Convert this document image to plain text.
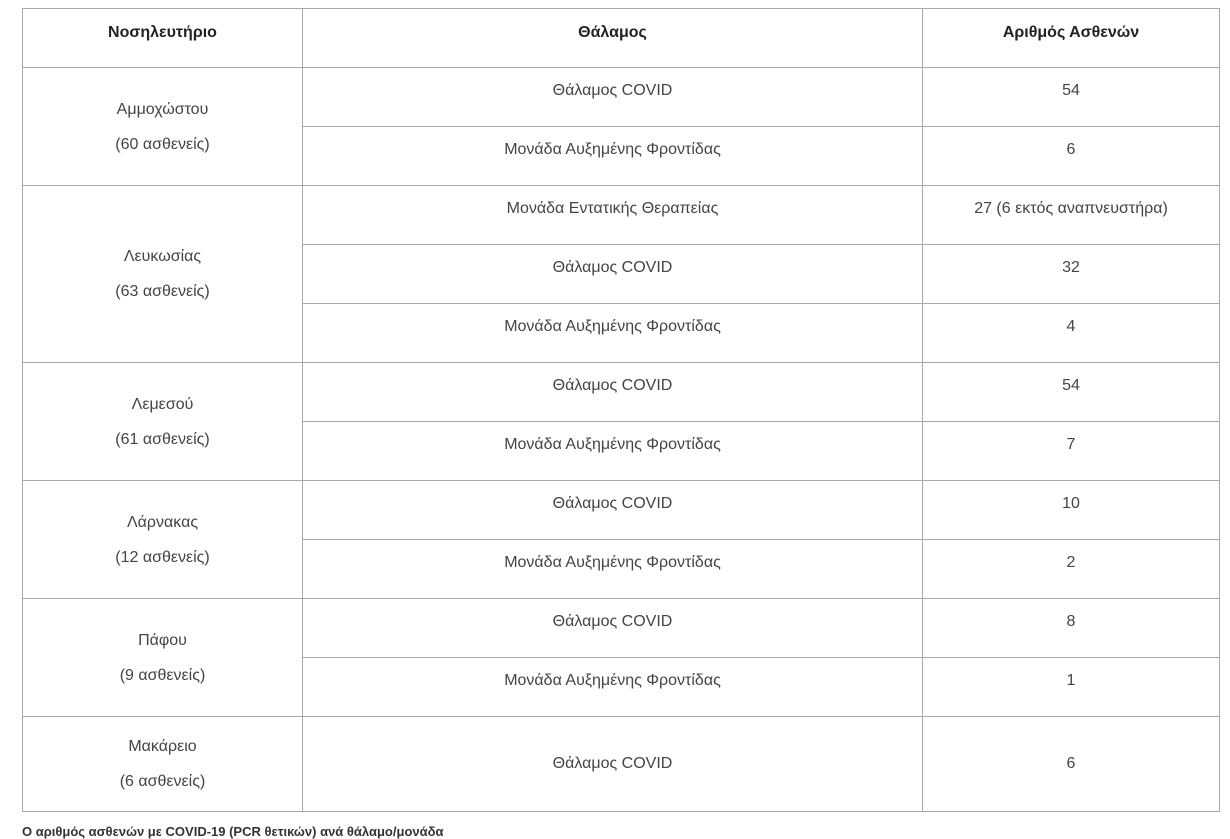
Νοσηλευτήριο	Θάλαμος	Αριθμός Ασθενών

Αμμοχώστου
(60 ασθενείς)	Θάλαμος COVID	54
	Μονάδα Αυξημένης Φροντίδας	6

Λευκωσίας
(63 ασθενείς)	Μονάδα Εντατικής Θεραπείας	27 (6 εκτός αναπνευστήρα)
	Θάλαμος COVID	32
	Μονάδα Αυξημένης Φροντίδας	4

Λεμεσού
(61 ασθενείς)	Θάλαμος COVID	54
	Μονάδα Αυξημένης Φροντίδας	7

Λάρνακας
(12 ασθενείς)	Θάλαμος COVID	10
	Μονάδα Αυξημένης Φροντίδας	2

Πάφου
(9 ασθενείς)	Θάλαμος COVID	8
	Μονάδα Αυξημένης Φροντίδας	1

Μακάρειο
(6 ασθενείς)	Θάλαμος COVID	6
Ο αριθμός ασθενών με COVID-19 (PCR θετικών) ανά θάλαμο/μονάδα
